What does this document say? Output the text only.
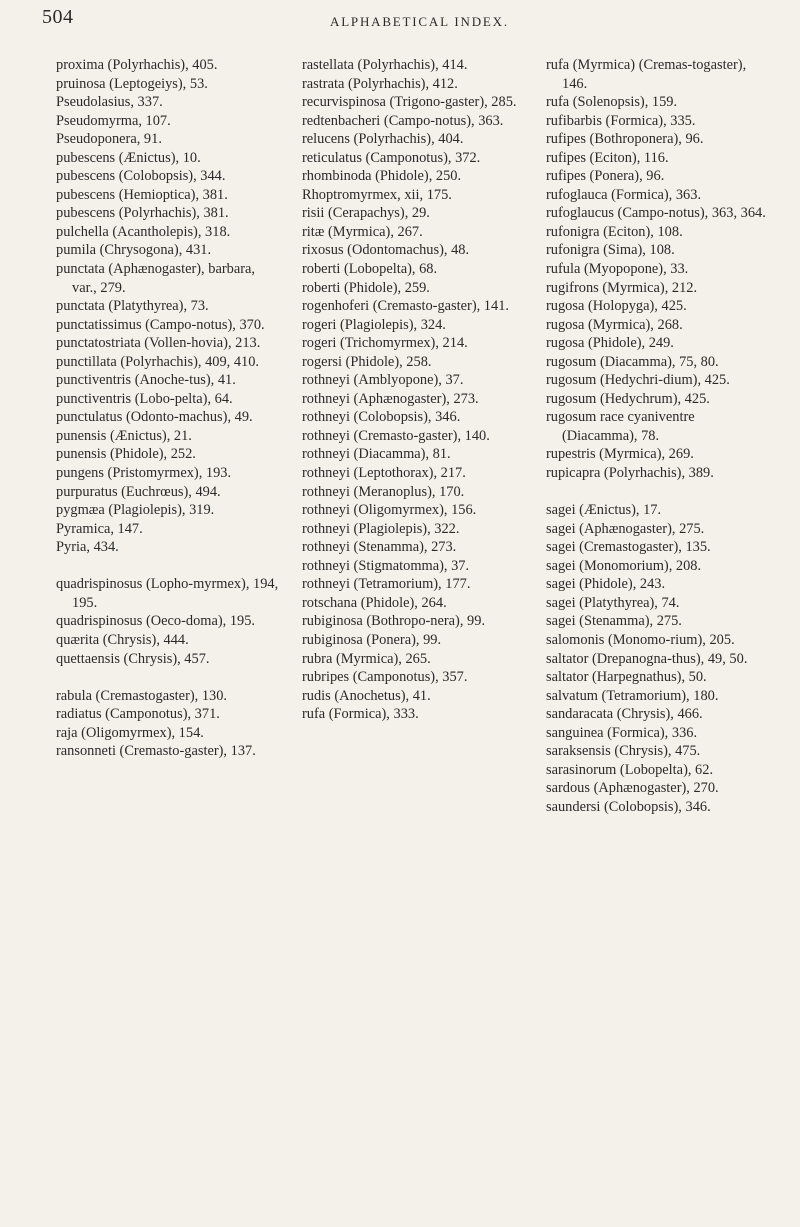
504	ALPHABETICAL INDEX.
proxima (Polyrhachis), 405.
pruinosa (Leptogeiys), 53.
Pseudolasius, 337.
Pseudomyrma, 107.
Pseudoponera, 91.
pubescens (Ænictus), 10.
pubescens (Colobopsis), 344.
pubescens (Hemioptica), 381.
pubescens (Polyrhachis), 381.
pulchella (Acantholepis), 318.
pumila (Chrysogona), 431.
punctata (Aphænogaster), barbara, var., 279.
punctata (Platythyrea), 73.
punctatissimus (Campo-notus), 370.
punctatostriata (Vollen-hovia), 213.
punctillata (Polyrhachis), 409, 410.
punctiventris (Anoche-tus), 41.
punctiventris (Lobo-pelta), 64.
punctulatus (Odonto-machus), 49.
punensis (Ænictus), 21.
punensis (Phidole), 252.
pungens (Pristomyrmex), 193.
purpuratus (Euchrœus), 494.
pygmæa (Plagiolepis), 319.
Pyramica, 147.
Pyria, 434.
quadrispinosus (Lopho-myrmex), 194, 195.
quadrispinosus (Oeco-doma), 195.
quærita (Chrysis), 444.
quettaensis (Chrysis), 457.
rabula (Cremastogaster), 130.
radiatus (Camponotus), 371.
raja (Oligomyrmex), 154.
ransonneti (Cremasto-gaster), 137.
rastellata (Polyrhachis), 414.
rastrata (Polyrhachis), 412.
recurvispinosa (Trigono-gaster), 285.
redtenbacheri (Campo-notus), 363.
relucens (Polyrhachis), 404.
reticulatus (Camponotus), 372.
rhombinoda (Phidole), 250.
Rhoptromyrmex, xii, 175.
risii (Cerapachys), 29.
ritæ (Myrmica), 267.
rixosus (Odontomachus), 48.
roberti (Lobopelta), 68.
roberti (Phidole), 259.
rogenhoferi (Cremasto-gaster), 141.
rogeri (Plagiolepis), 324.
rogeri (Trichomyrmex), 214.
rogersi (Phidole), 258.
rothneyi (Amblyopone), 37.
rothneyi (Aphænogaster), 273.
rothneyi (Colobopsis), 346.
rothneyi (Cremasto-gaster), 140.
rothneyi (Diacamma), 81.
rothneyi (Leptothorax), 217.
rothneyi (Meranoplus), 170.
rothneyi (Oligomyrmex), 156.
rothneyi (Plagiolepis), 322.
rothneyi (Stenamma), 273.
rothneyi (Stigmatomma), 37.
rothneyi (Tetramorium), 177.
rotschana (Phidole), 264.
rubiginosa (Bothropo-nera), 99.
rubiginosa (Ponera), 99.
rubra (Myrmica), 265.
rubripes (Camponotus), 357.
rudis (Anochetus), 41.
rufa (Formica), 333.
rufa (Myrmica) (Cremas-togaster), 146.
rufa (Solenopsis), 159.
rufibarbis (Formica), 335.
rufipes (Bothroponera), 96.
rufipes (Eciton), 116.
rufipes (Ponera), 96.
rufoglauca (Formica), 363.
rufoglaucus (Campo-notus), 363, 364.
rufonigra (Eciton), 108.
rufonigra (Sima), 108.
rufula (Myopopone), 33.
rugifrons (Myrmica), 212.
rugosa (Holopyga), 425.
rugosa (Myrmica), 268.
rugosa (Phidole), 249.
rugosum (Diacamma), 75, 80.
rugosum (Hedychri-dium), 425.
rugosum (Hedychrum), 425.
rugosum race cyaniventre (Diacamma), 78.
rupestris (Myrmica), 269.
rupicapra (Polyrhachis), 389.
sagei (Ænictus), 17.
sagei (Aphænogaster), 275.
sagei (Cremastogaster), 135.
sagei (Monomorium), 208.
sagei (Phidole), 243.
sagei (Platythyrea), 74.
sagei (Stenamma), 275.
salomonis (Monomo-rium), 205.
saltator (Drepanogna-thus), 49, 50.
saltator (Harpegnathus), 50.
salvatum (Tetramorium), 180.
sandaracata (Chrysis), 466.
sanguinea (Formica), 336.
saraksensis (Chrysis), 475.
sarasinorum (Lobopelta), 62.
sardous (Aphænogaster), 270.
saundersi (Colobopsis), 346.
